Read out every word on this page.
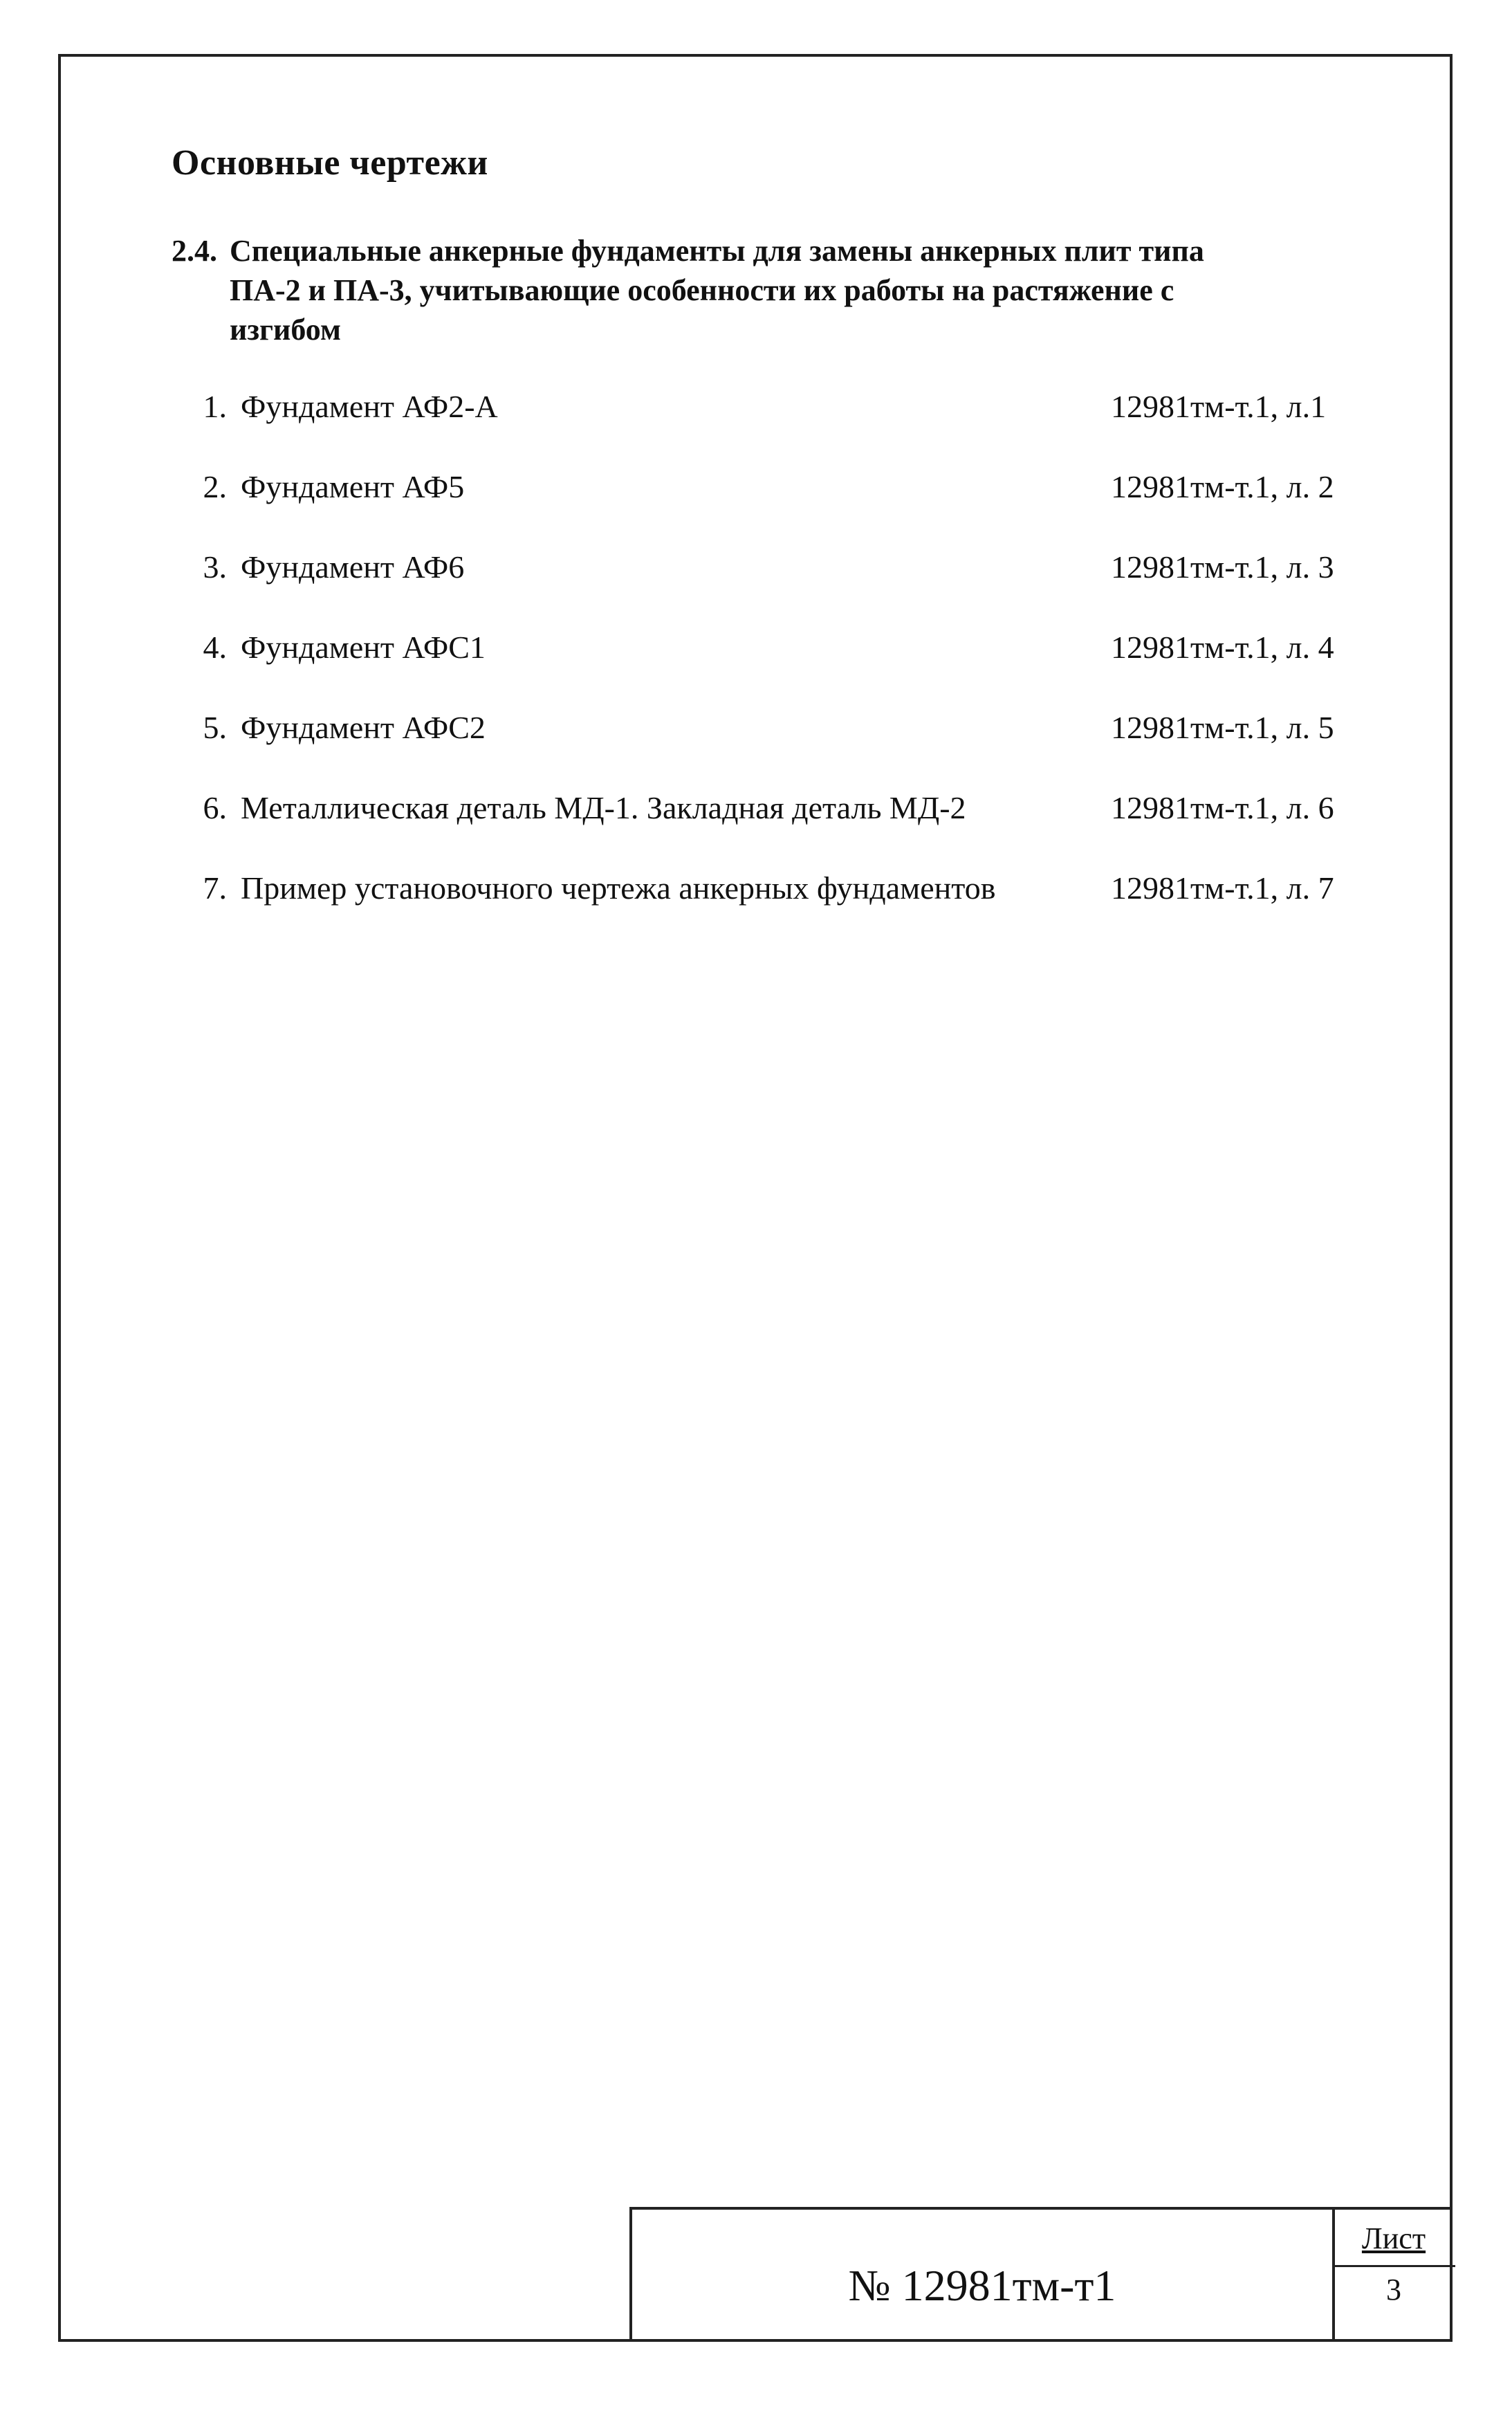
Основные чертежи
2.4. Специальные анкерные фундаменты для замены анкерных плит типа
ПА-2 и ПА-3, учитывающие особенности их работы на растяжение с
изгибом
1. Фундамент АФ2-А	12981тм-т.1, л.1
2. Фундамент АФ5	12981тм-т.1, л. 2
3. Фундамент АФ6	12981тм-т.1, л. 3
4. Фундамент АФС1	12981тм-т.1, л. 4
5. Фундамент АФС2	12981тм-т.1, л. 5
6. Металлическая деталь МД-1. Закладная деталь МД-2	12981тм-т.1, л. 6
7. Пример установочного чертежа анкерных фундаментов	12981тм-т.1, л. 7
№ 12981тм-т1
Лист
3
